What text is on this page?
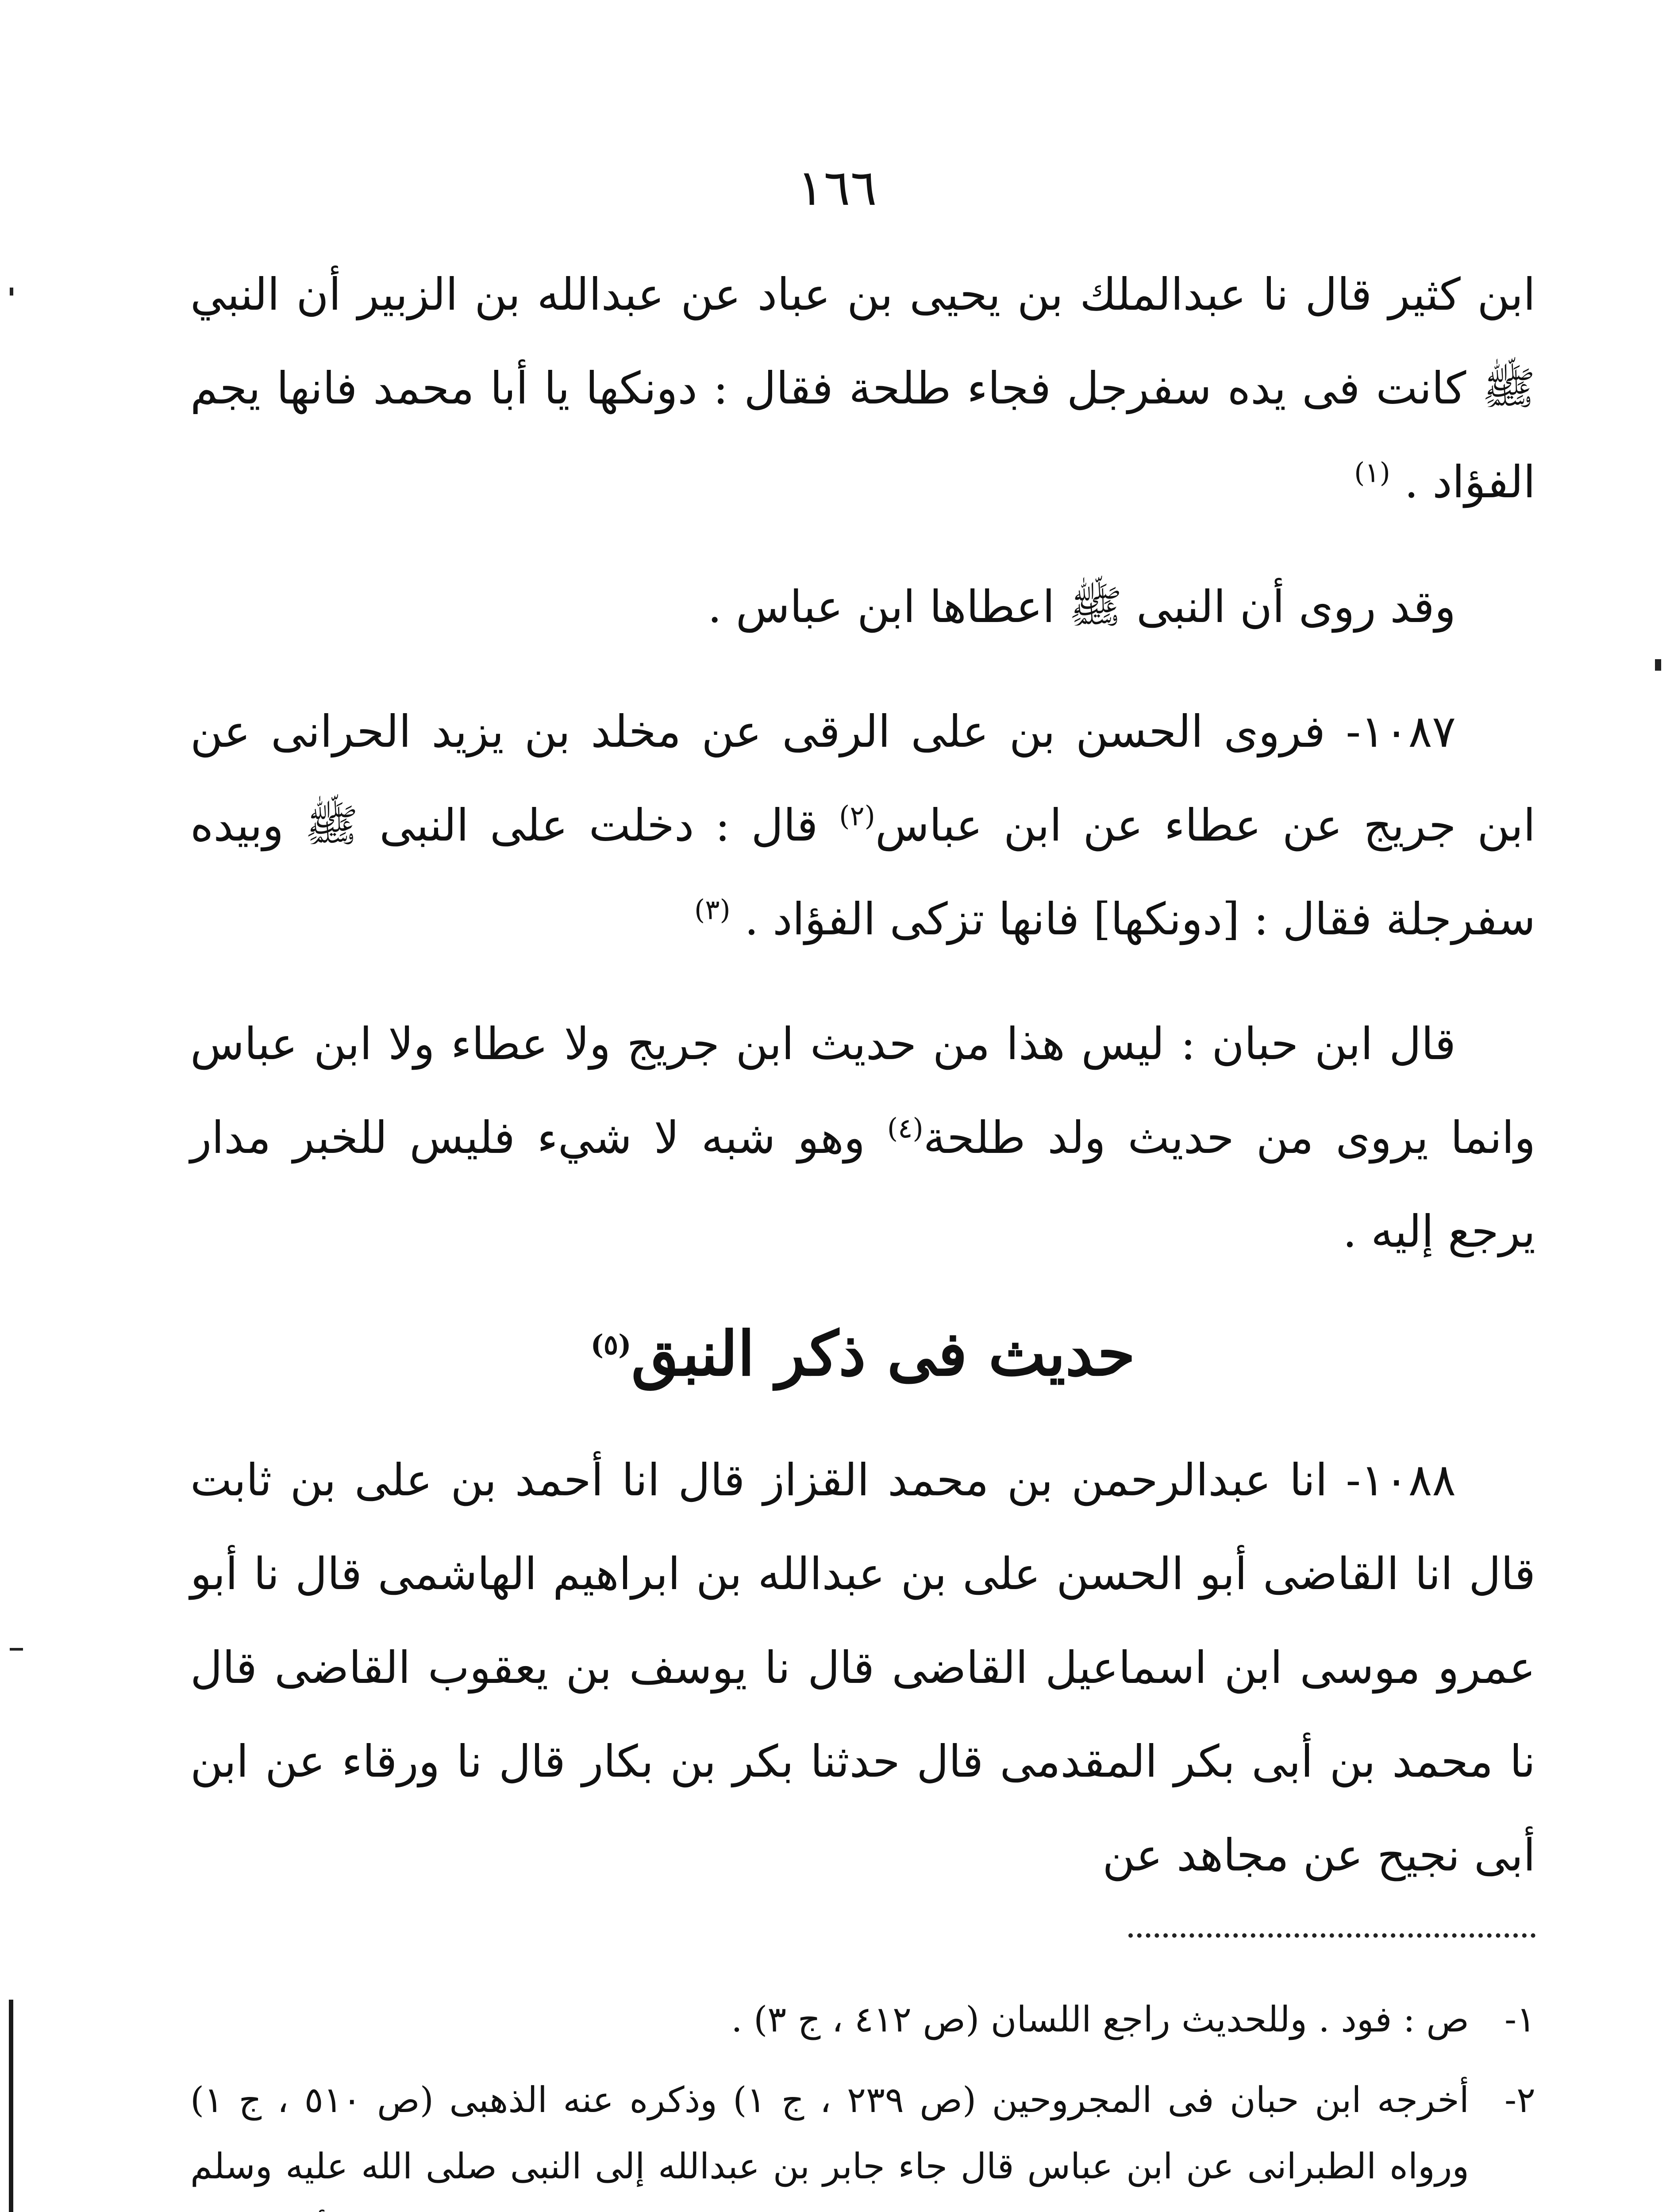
١٦٦

ابن كثير قال نا عبدالملك بن يحيى بن عباد عن عبدالله بن الزبير أن النبي ﷺ كانت فى يده سفرجل فجاء طلحة فقال : دونكها يا أبا محمد فانها يجم الفؤاد . $^{(١)}$

وقد روى أن النبى ﷺ اعطاها ابن عباس .

١٠٨٧- فروى الحسن بن على الرقى عن مخلد بن يزيد الحرانى عن ابن جريج عن عطاء عن ابن عباس$^{(٢)}$ قال : دخلت على النبى ﷺ وبيده سفرجلة فقال : [دونكها] فانها تزكى الفؤاد . $^{(٣)}$

قال ابن حبان : ليس هذا من حديث ابن جريج ولا عطاء ولا ابن عباس وانما يروى من حديث ولد طلحة$^{(٤)}$ وهو شبه لا شيء فليس للخبر مدار يرجع إليه .

حديث فى ذكر النبق$^{(٥)}$

١٠٨٨- انا عبدالرحمن بن محمد القزاز قال انا أحمد بن على بن ثابت قال انا القاضى أبو الحسن على بن عبدالله بن ابراهيم الهاشمى قال نا أبو عمرو موسى ابن اسماعيل القاضى قال نا يوسف بن يعقوب القاضى قال نا محمد بن أبى بكر المقدمى قال حدثنا بكر بن بكار قال نا ورقاء عن ابن أبى نجيح عن مجاهد عن

١-
ص : فود . وللحديث راجع اللسان (ص ٤١٢ ، ج ٣) .
٢-
أخرجه ابن حبان فى المجروحين (ص ٢٣٩ ، ج ١) وذكره عنه الذهبى (ص ٥١٠ ، ج ١) ورواه الطبرانى عن ابن عباس قال جاء جابر بن عبدالله إلى النبى صلى الله عليه وسلم
